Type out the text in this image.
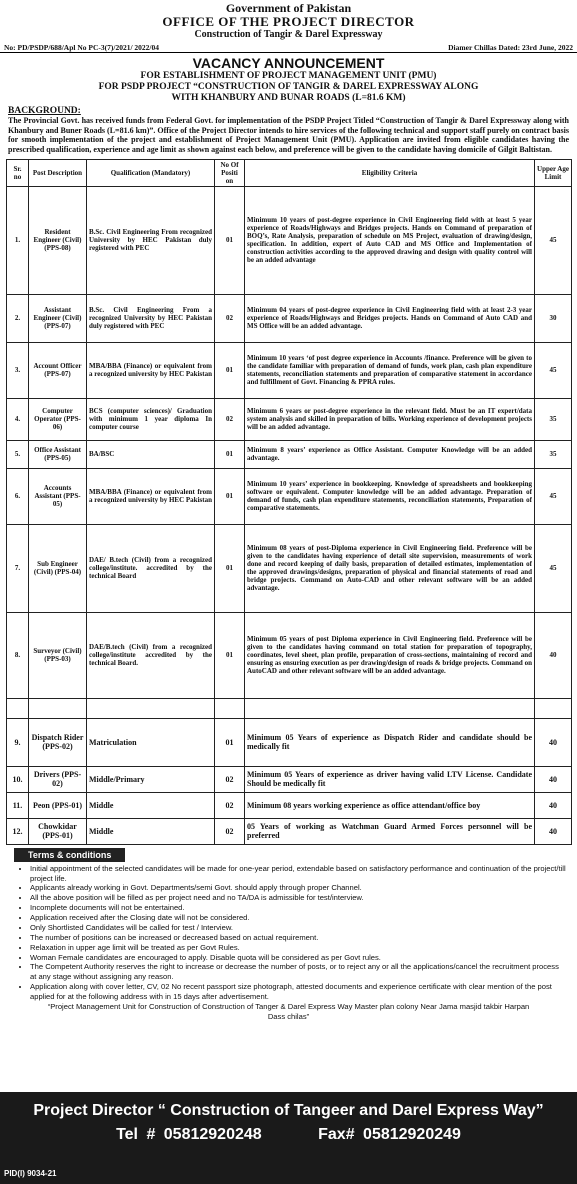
Government of Pakistan
OFFICE OF THE PROJECT DIRECTOR
Construction of Tangir & Darel Expressway
No: PD/PSDP/688/Apl No PC-3(7)/2021/ 2022/04	Diamer Chillas Dated: 23rd June, 2022
VACANCY ANNOUNCEMENT
FOR ESTABLISHMENT OF PROJECT MANAGEMENT UNIT (PMU)
FOR PSDP PROJECT “CONSTRUCTION OF TANGIR & DAREL EXPRESSWAY ALONG
WITH KHANBURY AND BUNAR ROADS (L=81.6 KM)
BACKGROUND:
The Provincial Govt. has received funds from Federal Govt. for implementation of the PSDP Project Titled “Construction of Tangir & Darel Expressway along with Khanbury and Buner Roads (L=81.6 km)”. Office of the Project Director intends to hire services of the following technical and support staff purely on contract basis for smooth implementation of the project and establishment of Project Management Unit (PMU). Application are invited from eligible candidates having the prescribed qualification, experience and age limit as shown against each below, and preference will be given to the candidate having domicile of Gilgit Baltistan.
Sr. no	Post Description	Qualification (Mandatory)	No Of Positi on	Eligibility Criteria	Upper Age Limit
1.	Resident Engineer (Civil) (PPS-08)	B.Sc. Civil Engineering From recognized University by HEC Pakistan duly registered with PEC	01	Minimum 10 years of post-degree experience in Civil Engineering field with at least 5 year experience of Roads/Highways and Bridges projects. Hands on Command of preparation of BOQ’s, Rate Analysis, preparation of schedule on MS Project, evaluation of drawing/design, specification. In addition, expert of Auto CAD and MS Office and Implementation of construction activities according to the approved drawing and design with quality control will be an added advantage	45
2.	Assistant Engineer (Civil) (PPS-07)	B.Sc. Civil Engineering From a recognized University by HEC Pakistan duly registered with PEC	02	Minimum 04 years of post-degree experience in Civil Engineering field with at least 2-3 year experience of Roads/Highways and Bridges projects. Hands on Command of Auto CAD and MS Office will be an added advantage.	30
3.	Account Officer (PPS-07)	MBA/BBA (Finance) or equivalent from a recognized university by HEC Pakistan	01	Minimum 10 years ‘of post degree experience in Accounts /finance. Preference will be given to the candidate familiar with preparation of demand of funds, work plan, cash plan expenditure statements, reconciliation statements and preparation of comparative statement in accordance and fulfillment of Govt. Financing & PPRA rules.	45
4.	Computer Operator (PPS-06)	BCS (computer sciences)/ Graduation with minimum 1 year diploma In computer course	02	Minimum 6 years or post-degree experience in the relevant field. Must be an IT expert/data system analysis and skilled in preparation of bills. Working experience of development projects will be an added advantage.	35
5.	Office Assistant (PPS-05)	BA/BSC	01	Minimum 8 years’ experience as Office Assistant. Computer Knowledge will be an added advantage.	35
6.	Accounts Assistant (PPS-05)	MBA/BBA (Finance) or equivalent from a recognized university by HEC Pakistan	01	Minimum 10 years’ experience in bookkeeping. Knowledge of spreadsheets and bookkeeping software or equivalent. Computer knowledge will be an added advantage. Preparation of demand of funds, cash plan expenditure statements, reconciliation statements, Preparation of comparative statements.	45
7.	Sub Engineer (Civil) (PPS-04)	DAE/ B.tech (Civil) from a recognized college/institute. accredited by the technical Board	01	Minimum 08 years of post-Diploma experience in Civil Engineering field. Preference will be given to the candidates having experience of detail site supervision, measurements of work done and record keeping of daily basis, preparation of detailed estimates, implementation of the approved drawings/designs, preparation of physical and financial statements of road and bridge projects. Command on Auto-CAD and other relevant software will be an added advantage.	45
8.	Surveyor (Civil) (PPS-03)	DAE/B.tech (Civil) from a recognized college/institute accredited by the technical Board.	01	Minimum 05 years of post Diploma experience in Civil Engineering field. Preference will be given to the candidates having command on total station for preparation of topography, coordinates, level sheet, plan profile, preparation of cross-sections, maintaining of record and ensuring as ensuring execution as per drawing/design of roads & bridge projects. Command on AutoCAD and other relevant software will be an added advantage.	40

9.	Dispatch Rider (PPS-02)	Matriculation	01	Minimum 05 Years of experience as Dispatch Rider and candidate should be medically fit	40
10.	Drivers (PPS-02)	Middle/Primary	02	Minimum 05 Years of experience as driver having valid LTV License. Candidate Should be medically fit	40
11.	Peon (PPS-01)	Middle	02	Minimum 08 years working experience as office attendant/office boy	40
12.	Chowkidar (PPS-01)	Middle	02	05 Years of working as Watchman Guard Armed Forces personnel will be preferred	40
Terms & conditions
• Initial appointment of the selected candidates will be made for one-year period, extendable based on satisfactory performance and continuation of the project/till project life.
• Applicants already working in Govt. Departments/semi Govt. should apply through proper Channel.
• All the above position will be filled as per project need and no TA/DA is admissible for test/interview.
• Incomplete documents will not be entertained.
• Application received after the Closing date will not be considered.
• Only Shortlisted Candidates will be called for test / Interview.
• The number of positions can be increased or decreased based on actual requirement.
• Relaxation in upper age limit will be treated as per Govt Rules.
• Woman Female candidates are encouraged to apply. Disable quota will be considered as per Govt rules.
• The Competent Authority reserves the right to increase or decrease the number of posts, or to reject any or all the applications/cancel the recruitment process at any stage without assigning any reason.
• Application along with cover letter, CV, 02 No recent passport size photograph, attested documents and experience certificate with clear mention of the post applied for at the following address with in 15 days after advertisement.
“Project Management Unit for Construction of Construction of Tanger & Darel Express Way Master plan colony Near Jama masjid takbir Harpan Dass chilas”
Project Director “ Construction of Tangeer and Darel Express Way”
Tel # 05812920248	Fax# 05812920249
PID(I) 9034-21
